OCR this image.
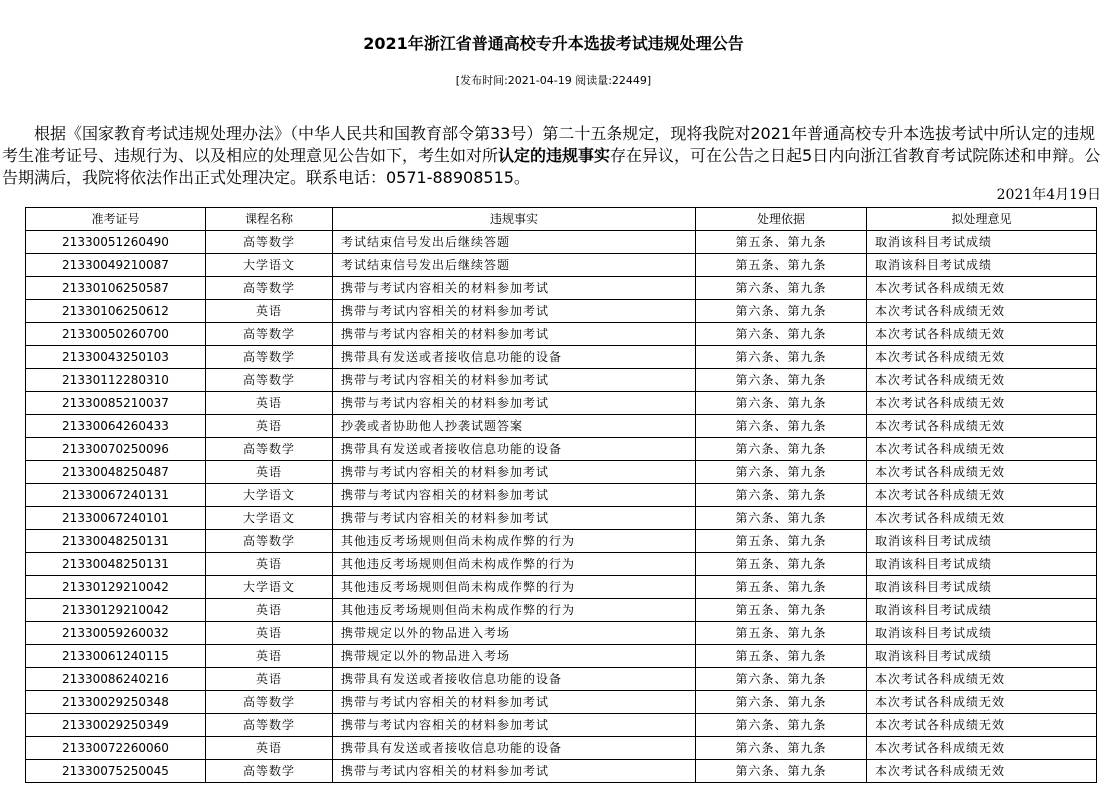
2021年浙江省普通高校专升本选拔考试违规处理公告
[发布时间:2021-04-19 阅读量:22449]
根据《国家教育考试违规处理办法》（中华人民共和国教育部令第33号）第二十五条规定，现将我院对2021年普通高校专升本选拔考试中所认定的违规考生准考证号、违规行为、以及相应的处理意见公告如下，考生如对所认定的违规事实存在异议，可在公告之日起5日内向浙江省教育考试院陈述和申辩。公告期满后，我院将依法作出正式处理决定。联系电话：0571-88908515。
2021年4月19日
准考证号	课程名称	违规事实	处理依据	拟处理意见
21330051260490	高等数学	考试结束信号发出后继续答题	第五条、第九条	取消该科目考试成绩
21330049210087	大学语文	考试结束信号发出后继续答题	第五条、第九条	取消该科目考试成绩
21330106250587	高等数学	携带与考试内容相关的材料参加考试	第六条、第九条	本次考试各科成绩无效
21330106250612	英语	携带与考试内容相关的材料参加考试	第六条、第九条	本次考试各科成绩无效
21330050260700	高等数学	携带与考试内容相关的材料参加考试	第六条、第九条	本次考试各科成绩无效
21330043250103	高等数学	携带具有发送或者接收信息功能的设备	第六条、第九条	本次考试各科成绩无效
21330112280310	高等数学	携带与考试内容相关的材料参加考试	第六条、第九条	本次考试各科成绩无效
21330085210037	英语	携带与考试内容相关的材料参加考试	第六条、第九条	本次考试各科成绩无效
21330064260433	英语	抄袭或者协助他人抄袭试题答案	第六条、第九条	本次考试各科成绩无效
21330070250096	高等数学	携带具有发送或者接收信息功能的设备	第六条、第九条	本次考试各科成绩无效
21330048250487	英语	携带与考试内容相关的材料参加考试	第六条、第九条	本次考试各科成绩无效
21330067240131	大学语文	携带与考试内容相关的材料参加考试	第六条、第九条	本次考试各科成绩无效
21330067240101	大学语文	携带与考试内容相关的材料参加考试	第六条、第九条	本次考试各科成绩无效
21330048250131	高等数学	其他违反考场规则但尚未构成作弊的行为	第五条、第九条	取消该科目考试成绩
21330048250131	英语	其他违反考场规则但尚未构成作弊的行为	第五条、第九条	取消该科目考试成绩
21330129210042	大学语文	其他违反考场规则但尚未构成作弊的行为	第五条、第九条	取消该科目考试成绩
21330129210042	英语	其他违反考场规则但尚未构成作弊的行为	第五条、第九条	取消该科目考试成绩
21330059260032	英语	携带规定以外的物品进入考场	第五条、第九条	取消该科目考试成绩
21330061240115	英语	携带规定以外的物品进入考场	第五条、第九条	取消该科目考试成绩
21330086240216	英语	携带具有发送或者接收信息功能的设备	第六条、第九条	本次考试各科成绩无效
21330029250348	高等数学	携带与考试内容相关的材料参加考试	第六条、第九条	本次考试各科成绩无效
21330029250349	高等数学	携带与考试内容相关的材料参加考试	第六条、第九条	本次考试各科成绩无效
21330072260060	英语	携带具有发送或者接收信息功能的设备	第六条、第九条	本次考试各科成绩无效
21330075250045	高等数学	携带与考试内容相关的材料参加考试	第六条、第九条	本次考试各科成绩无效
